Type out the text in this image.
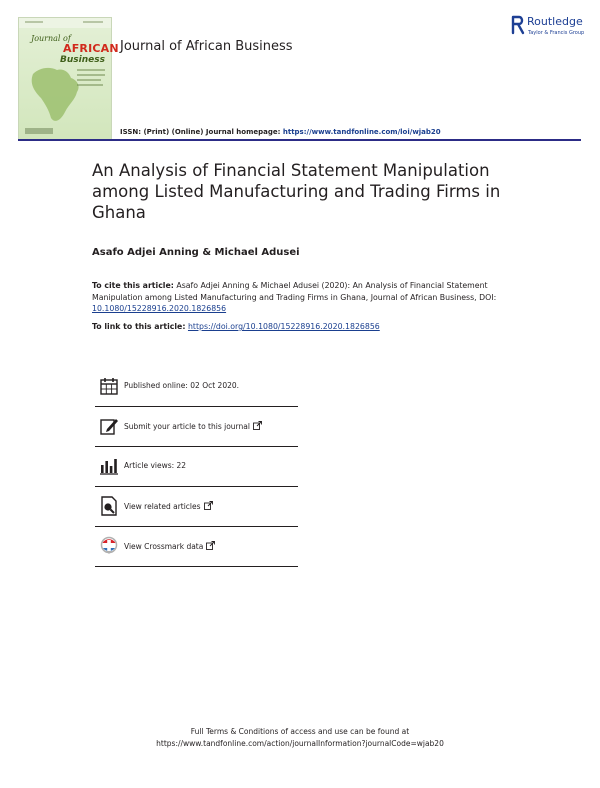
Journal of
AFRICAN
Business
Journal of African Business
Routledge
Taylor & Francis Group
ISSN: (Print) (Online) Journal homepage: https://www.tandfonline.com/loi/wjab20
An Analysis of Financial Statement Manipulation among Listed Manufacturing and Trading Firms in Ghana
Asafo Adjei Anning & Michael Adusei
To cite this article: Asafo Adjei Anning & Michael Adusei (2020): An Analysis of Financial Statement Manipulation among Listed Manufacturing and Trading Firms in Ghana, Journal of African Business, DOI: 10.1080/15228916.2020.1826856
To link to this article: https://doi.org/10.1080/15228916.2020.1826856
Published online: 02 Oct 2020.
Submit your article to this journal
Article views: 22
View related articles
View Crossmark data
Full Terms & Conditions of access and use can be found at
https://www.tandfonline.com/action/journalInformation?journalCode=wjab20
